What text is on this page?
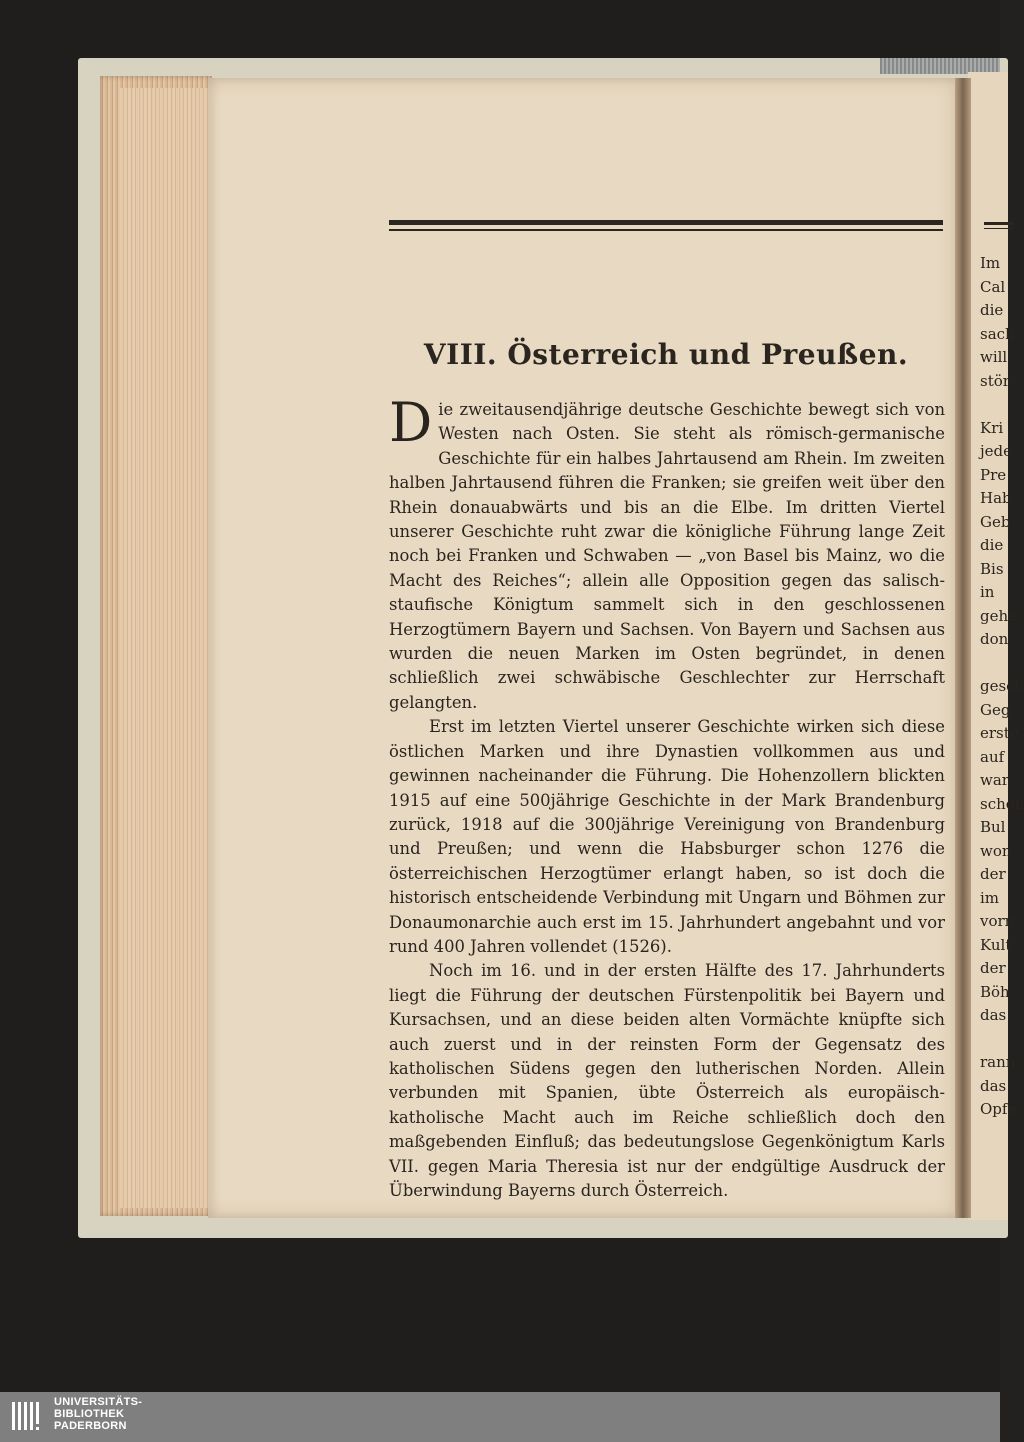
Im
Cal
die
sach
will
stör
Kri
jede
Pre
Hab
Geb
die
Bis
in
gehe
don
gesch
Geg
erste
auf
war
schon
Bul
won
der
im
vorn
Kult
der
Böh
das
rann
das
Opfe
VIII. Österreich und Preußen.

Die zweitausendjährige deutsche Geschichte bewegt sich von Westen nach Osten. Sie steht als römisch-germanische Geschichte für ein halbes Jahrtausend am Rhein. Im zweiten halben Jahrtausend führen die Franken; sie greifen weit über den Rhein donauabwärts und bis an die Elbe. Im dritten Viertel unserer Geschichte ruht zwar die königliche Führung lange Zeit noch bei Franken und Schwaben — „von Basel bis Mainz, wo die Macht des Reiches“; allein alle Opposition gegen das salisch-staufische Königtum sammelt sich in den geschlossenen Herzogtümern Bayern und Sachsen. Von Bayern und Sachsen aus wurden die neuen Marken im Osten begründet, in denen schließlich zwei schwäbische Geschlechter zur Herrschaft gelangten.

Erst im letzten Viertel unserer Geschichte wirken sich diese östlichen Marken und ihre Dynastien vollkommen aus und gewinnen nacheinander die Führung. Die Hohenzollern blickten 1915 auf eine 500jährige Geschichte in der Mark Brandenburg zurück, 1918 auf die 300jährige Vereinigung von Brandenburg und Preußen; und wenn die Habsburger schon 1276 die österreichischen Herzogtümer erlangt haben, so ist doch die historisch entscheidende Verbindung mit Ungarn und Böhmen zur Donaumonarchie auch erst im 15. Jahrhundert angebahnt und vor rund 400 Jahren vollendet (1526).

Noch im 16. und in der ersten Hälfte des 17. Jahrhunderts liegt die Führung der deutschen Fürstenpolitik bei Bayern und Kursachsen, und an diese beiden alten Vormächte knüpfte sich auch zuerst und in der reinsten Form der Gegensatz des katholischen Südens gegen den lutherischen Norden. Allein verbunden mit Spanien, übte Österreich als europäisch-katholische Macht auch im Reiche schließlich doch den maßgebenden Einfluß; das bedeutungslose Gegenkönigtum Karls VII. gegen Maria Theresia ist nur der endgültige Ausdruck der Überwindung Bayerns durch Österreich.

UNIVERSITÄTS-
BIBLIOTHEK
PADERBORN
